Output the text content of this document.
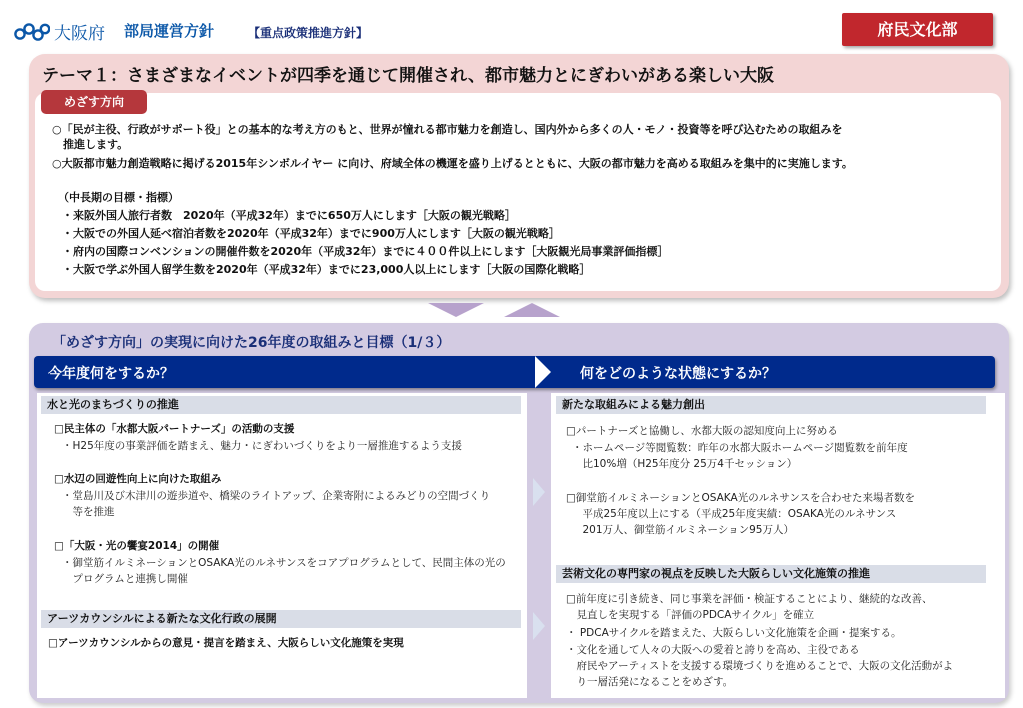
大阪府 部局運営方針	【重点政策推進方針】	府民文化部
テーマ１：さまざまなイベントが四季を通じて開催され、都市魅力とにぎわいがある楽しい大阪
めざす方向
○「民が主役、行政がサポート役」との基本的な考え方のもと、世界が憧れる都市魅力を創造し、国内外から多くの人・モノ・投資等を呼び込むための取組みを
　推進します。
○大阪都市魅力創造戦略に掲げる2015年シンボルイヤー に向け、府域全体の機運を盛り上げるとともに、大阪の都市魅力を高める取組みを集中的に実施します。
（中長期の目標・指標）
・来阪外国人旅行者数　2020年（平成32年）までに650万人にします［大阪の観光戦略］
・大阪での外国人延べ宿泊者数を2020年（平成32年）までに900万人にします［大阪の観光戦略］
・府内の国際コンベンションの開催件数を2020年（平成32年）までに４００件以上にします［大阪観光局事業評価指標］
・大阪で学ぶ外国人留学生数を2020年（平成32年）までに23,000人以上にします［大阪の国際化戦略］
「めざす方向」の実現に向けた26年度の取組みと目標（1/３）
今年度何をするか？	何をどのような状態にするか？
水と光のまちづくりの推進
□民主体の「水都大阪パートナーズ」の活動の支援
・H25年度の事業評価を踏まえ、魅力・にぎわいづくりをより一層推進するよう支援
□水辺の回遊性向上に向けた取組み
・堂島川及び木津川の遊歩道や、橋梁のライトアップ、企業寄附によるみどりの空間づくり
　等を推進
□「大阪・光の饗宴2014」の開催
・御堂筋イルミネーションとOSAKA光のルネサンスをコアプログラムとして、民間主体の光の
　プログラムと連携し開催
アーツカウンシルによる新たな文化行政の展開
□アーツカウンシルからの意見・提言を踏まえ、大阪らしい文化施策を実現
新たな取組みによる魅力創出
□パートナーズと協働し、水都大阪の認知度向上に努める
・ホームページ等閲覧数：昨年の水都大阪ホームページ閲覧数を前年度
　比10%増（H25年度分 25万4千セッション）
□御堂筋イルミネーションとOSAKA光のルネサンスを合わせた来場者数を
　平成25年度以上にする（平成25年度実績：OSAKA光のルネサンス
　201万人、御堂筋イルミネーション95万人）
芸術文化の専門家の視点を反映した大阪らしい文化施策の推進
□前年度に引き続き、同じ事業を評価・検証することにより、継続的な改善、
　見直しを実現する「評価のPDCAサイクル」を確立
・ PDCAサイクルを踏まえた、大阪らしい文化施策を企画・提案する。
・文化を通して人々の大阪への愛着と誇りを高め、主役である
　府民やアーティストを支援する環境づくりを進めることで、大阪の文化活動がよ
　り一層活発になることをめざす。
